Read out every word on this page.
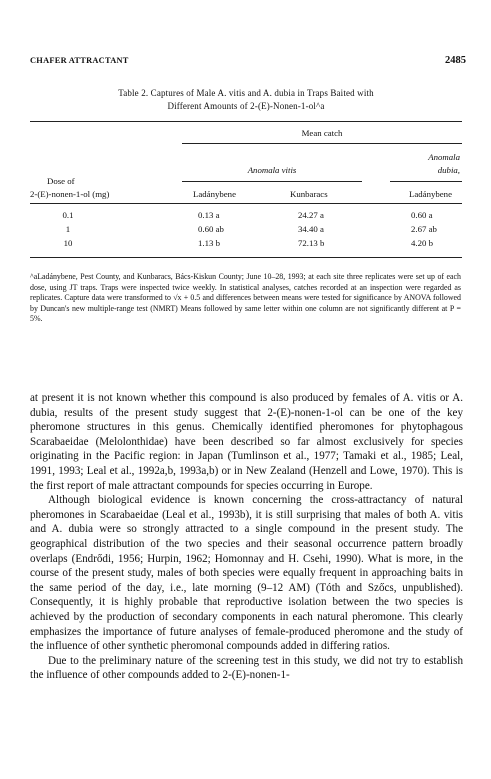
CHAFER ATTRACTANT	2485
Table 2. Captures of Male A. vitis and A. dubia in Traps Baited with
Different Amounts of 2-(E)-Nonen-1-ol^a
Mean catch
Anomala
Anomala vitis	dubia,
Dose of
2-(E)-nonen-1-ol (mg)	Ladánybene	Kunbaracs	Ladánybene
0.1	0.13 a	24.27 a	0.60 a
1	0.60 ab	34.40 a	2.67 ab
10	1.13 b	72.13 b	4.20 b

^aLadánybene, Pest County, and Kunbaracs, Bács-Kiskun County; June 10–28, 1993; at each site three replicates were set up of each dose, using JT traps. Traps were inspected twice weekly. In statistical analyses, catches recorded at an inspection were regarded as replicates. Capture data were transformed to √x + 0.5 and differences between means were tested for significance by ANOVA followed by Duncan's new multiple-range test (NMRT) Means followed by same letter within one column are not significantly different at P = 5%.

at present it is not known whether this compound is also produced by females of A. vitis or A. dubia, results of the present study suggest that 2-(E)-nonen-1-ol can be one of the key pheromone structures in this genus. Chemically identified pheromones for phytophagous Scarabaeidae (Melolonthidae) have been described so far almost exclusively for species originating in the Pacific region: in Japan (Tumlinson et al., 1977; Tamaki et al., 1985; Leal, 1991, 1993; Leal et al., 1992a,b, 1993a,b) or in New Zealand (Henzell and Lowe, 1970). This is the first report of male attractant compounds for species occurring in Europe.

Although biological evidence is known concerning the cross-attractancy of natural pheromones in Scarabaeidae (Leal et al., 1993b), it is still surprising that males of both A. vitis and A. dubia were so strongly attracted to a single compound in the present study. The geographical distribution of the two species and their seasonal occurrence pattern broadly overlaps (Endrődi, 1956; Hurpin, 1962; Homonnay and H. Csehi, 1990). What is more, in the course of the present study, males of both species were equally frequent in approaching baits in the same period of the day, i.e., late morning (9–12 AM) (Tóth and Szőcs, unpublished). Consequently, it is highly probable that reproductive isolation between the two species is achieved by the production of secondary components in each natural pheromone. This clearly emphasizes the importance of future analyses of female-produced pheromone and the study of the influence of other synthetic pheromonal compounds added in differing ratios.

Due to the preliminary nature of the screening test in this study, we did not try to establish the influence of other compounds added to 2-(E)-nonen-1-
